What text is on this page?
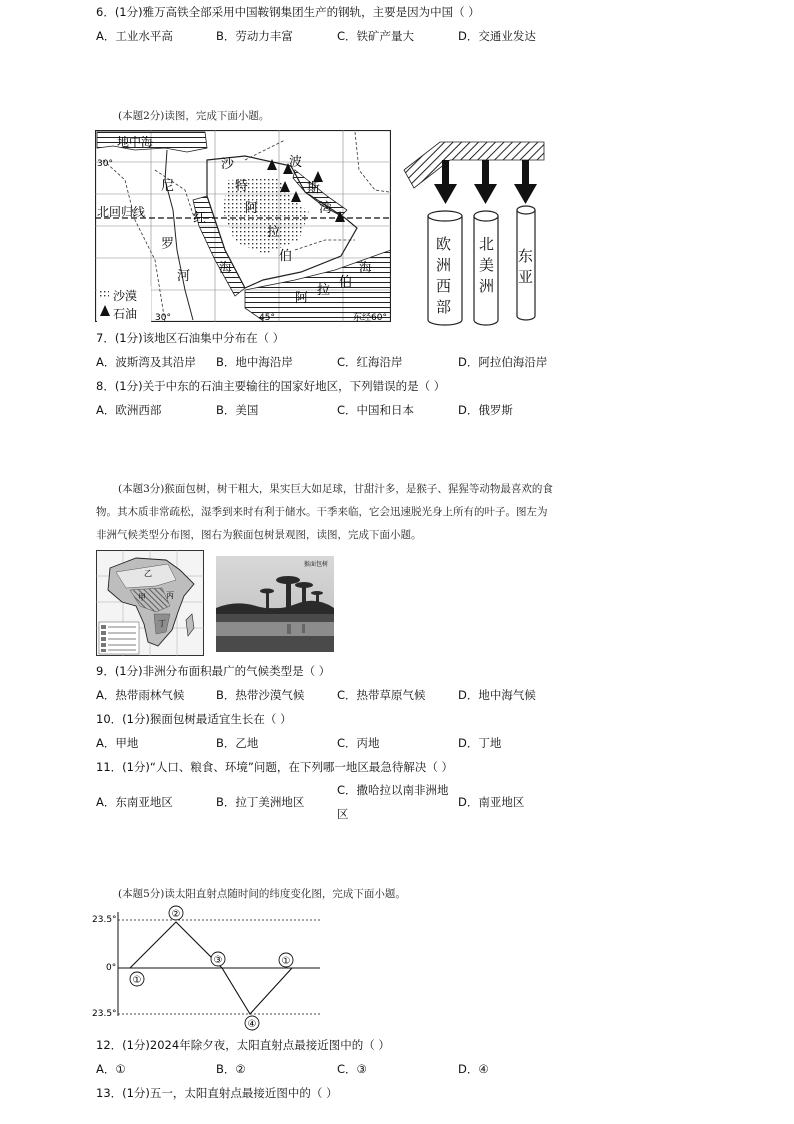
6．(1分)雅万高铁全部采用中国鞍钢集团生产的钢轨，主要是因为中国（ ）
A．工业水平高	B．劳动力丰富	C．铁矿产量大	D．交通业发达
(本题2分)读图，完成下面小题。
地中海
30°
北回归线
尼
罗
河
沙
特
阿
拉
伯
波
斯
湾
红
海
阿
拉
伯
海
沙漠
石油 30°	45°	东经60°
欧洲西部
北美洲
东亚
7．(1分)该地区石油集中分布在（ ）
A．波斯湾及其沿岸 B．地中海沿岸	C．红海沿岸	D．阿拉伯海沿岸
8．(1分)关于中东的石油主要输往的国家好地区，下列错误的是（ ）
A．欧洲西部	B．美国	C．中国和日本	D．俄罗斯
(本题3分)猴面包树，树干粗大，果实巨大如足球，甘甜汁多，是猴子、猩猩等动物最喜欢的食
物。其木质非常疏松，湿季到来时有利于储水。干季来临，它会迅速脱光身上所有的叶子。图左为
非洲气候类型分布图，图右为猴面包树景观图，读图，完成下面小题。
乙
甲	丙
丁
猴面包树
9．(1分)非洲分布面积最广的气候类型是（ ）
A．热带雨林气候	B．热带沙漠气候	C．热带草原气候	D．地中海气候
10．(1分)猴面包树最适宜生长在（ ）
A．甲地	B．乙地	C．丙地	D．丁地
11．(1分)“人口、粮食、环境”问题，在下列哪一地区最急待解决（ ）
A．东南亚地区	B．拉丁美洲地区
C．撒哈拉以南非洲地
区
D．南亚地区
(本题5分)读太阳直射点随时间的纬度变化图，完成下面小题。
23.5°
0°
23.5°
①
②
③	①
④
12．(1分)2024年除夕夜，太阳直射点最接近图中的（ ）
A．①	B．②	C．③	D．④
13．(1分)五一，太阳直射点最接近图中的（ ）
